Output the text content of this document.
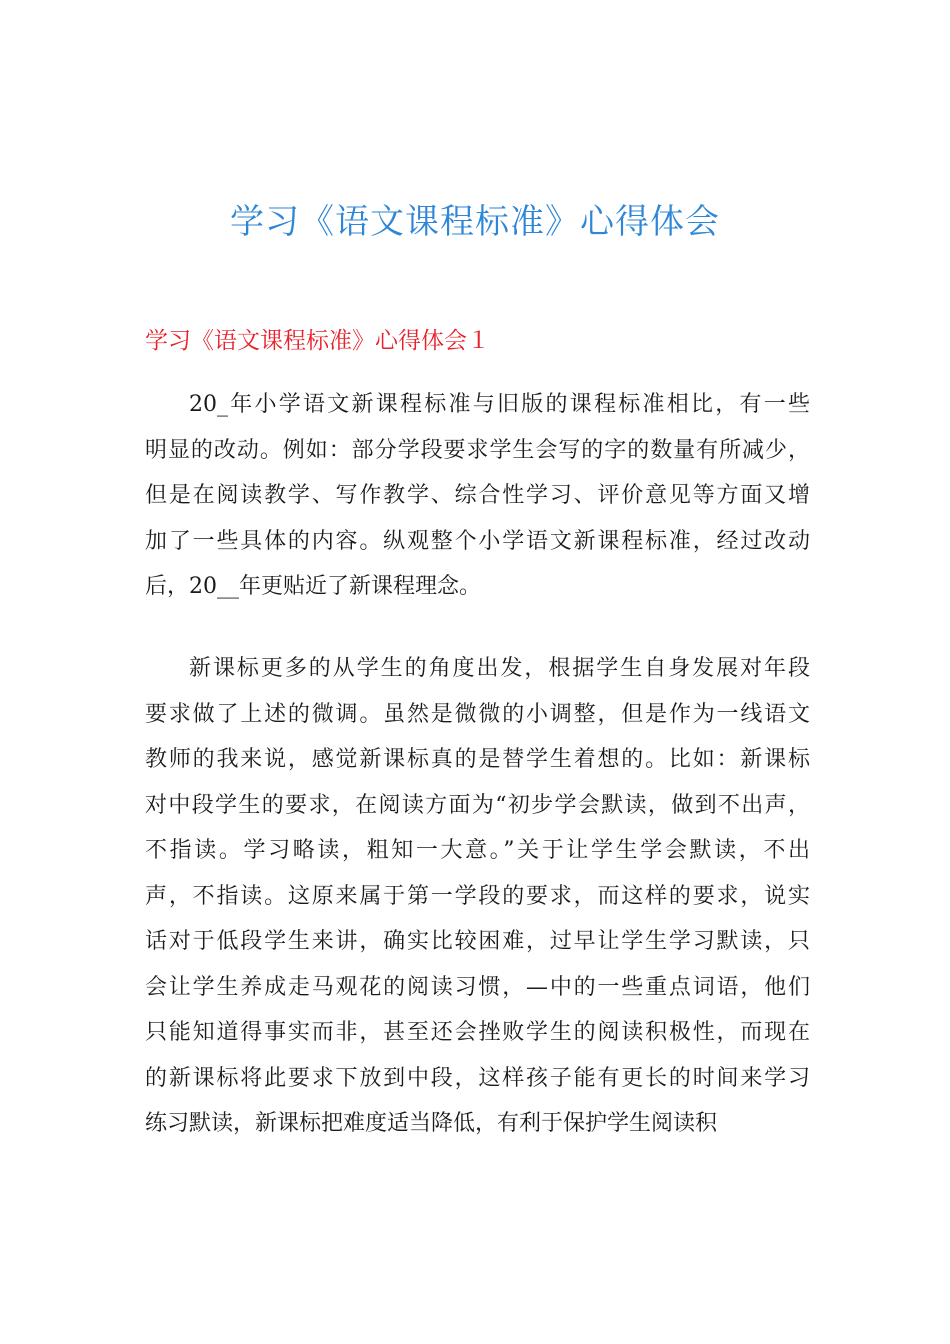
学习《语文课程标准》心得体会
学习《语文课程标准》心得体会１

20_年小学语文新课程标准与旧版的课程标准相比，有一些
明显的改动。例如：部分学段要求学生会写的字的数量有所减少，
但是在阅读教学、写作教学、综合性学习、评价意见等方面又增
加了一些具体的内容。纵观整个小学语文新课程标准，经过改动
后，20__年更贴近了新课程理念。

新课标更多的从学生的角度出发，根据学生自身发展对年段
要求做了上述的微调。虽然是微微的小调整，但是作为一线语文
教师的我来说，感觉新课标真的是替学生着想的。比如：新课标
对中段学生的要求，在阅读方面为“初步学会默读，做到不出声，
不指读。学习略读，粗知一大意。”关于让学生学会默读，不出
声，不指读。这原来属于第一学段的要求，而这样的要求，说实
话对于低段学生来讲，确实比较困难，过早让学生学习默读，只
会让学生养成走马观花的阅读习惯，—中的一些重点词语，他们
只能知道得事实而非，甚至还会挫败学生的阅读积极性，而现在
的新课标将此要求下放到中段，这样孩子能有更长的时间来学习
练习默读，新课标把难度适当降低，有利于保护学生阅读积
